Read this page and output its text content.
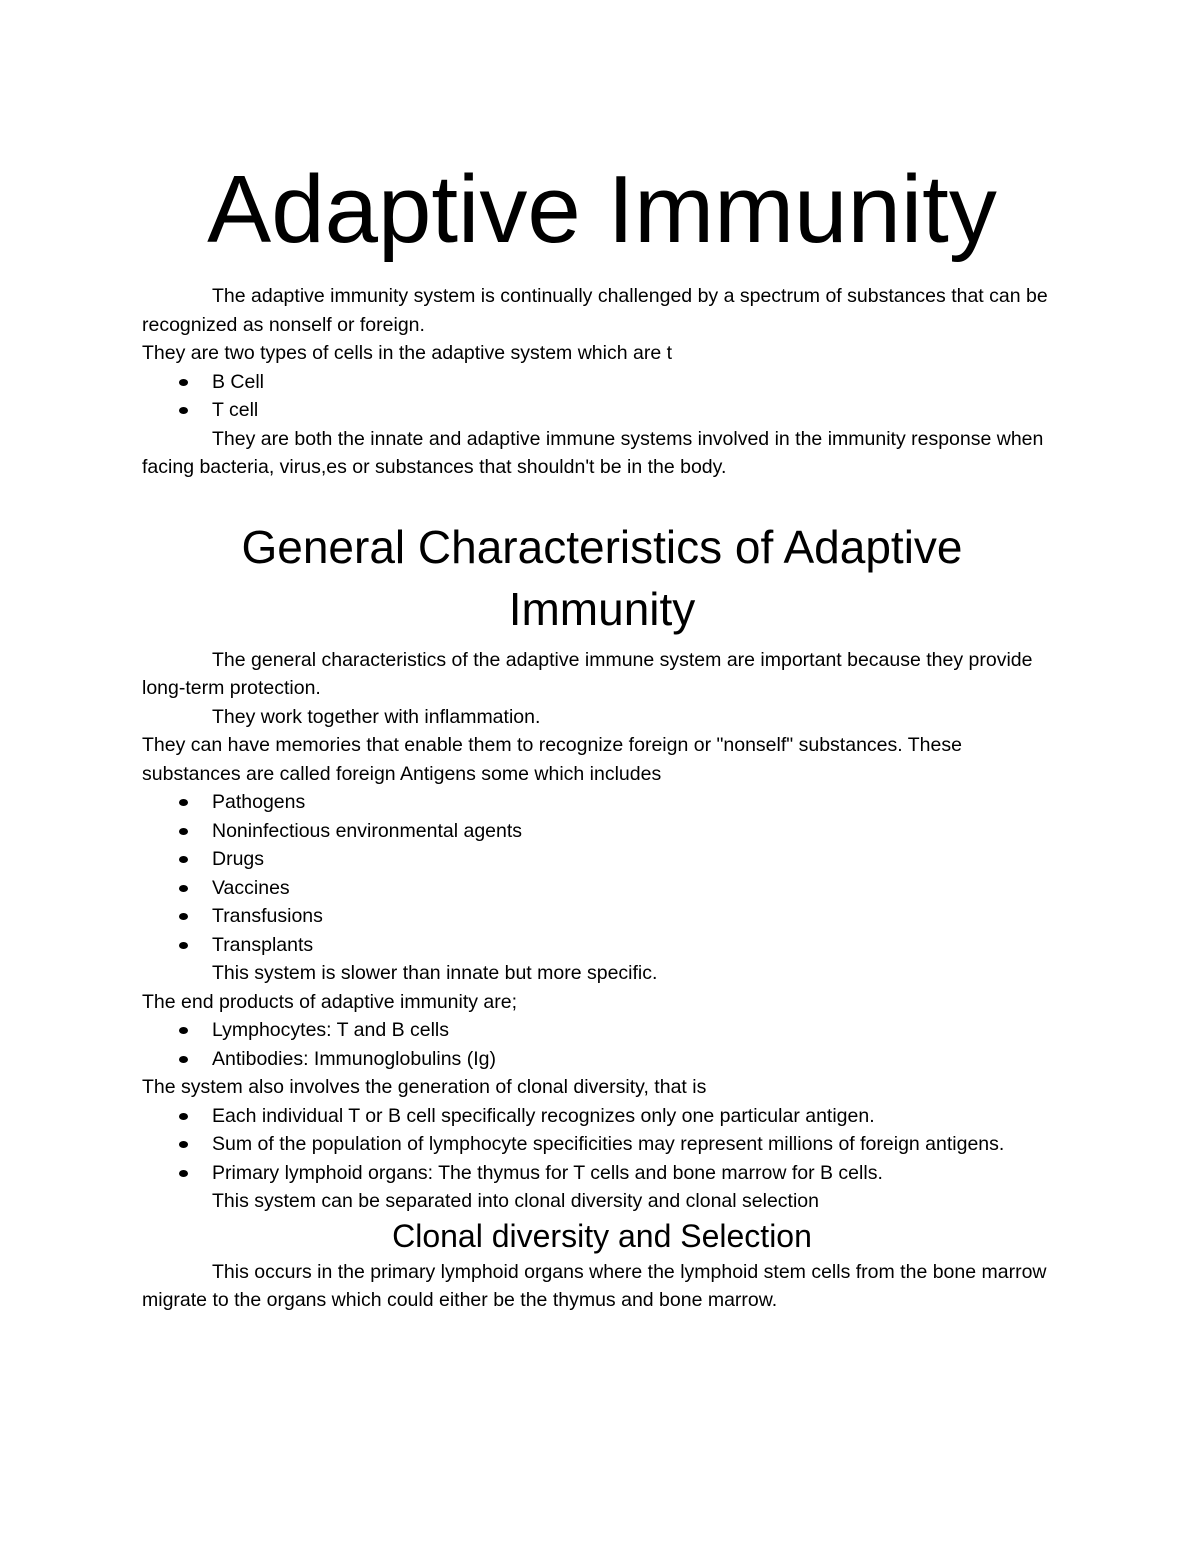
Adaptive Immunity

The adaptive immunity system is continually challenged by a spectrum of substances that can be recognized as nonself or foreign.

They are two types of cells in the adaptive system which are t

B Cell
T cell

They are both the innate and adaptive immune systems involved in the immunity response when facing bacteria, virus,es or substances that shouldn't be in the body.

General Characteristics of Adaptive Immunity

The general characteristics of the adaptive immune system are important because they provide long-term protection.

They work together with inflammation.

They can have memories that enable them to recognize foreign or "nonself" substances. These substances are called foreign Antigens some which includes

Pathogens
Noninfectious environmental agents
Drugs
Vaccines
Transfusions
Transplants

This system is slower than innate but more specific.

The end products of adaptive immunity are;

Lymphocytes: T and B cells
Antibodies: Immunoglobulins (Ig)

The system also involves the generation of clonal diversity, that is

Each individual T or B cell specifically recognizes only one particular antigen.
Sum of the population of lymphocyte specificities may represent millions of foreign antigens.
Primary lymphoid organs: The thymus for T cells and bone marrow for B cells.

This system can be separated into clonal diversity and clonal selection

Clonal diversity and Selection

This occurs in the primary lymphoid organs where the lymphoid stem cells from the bone marrow migrate to the organs which could either be the thymus and bone marrow.
